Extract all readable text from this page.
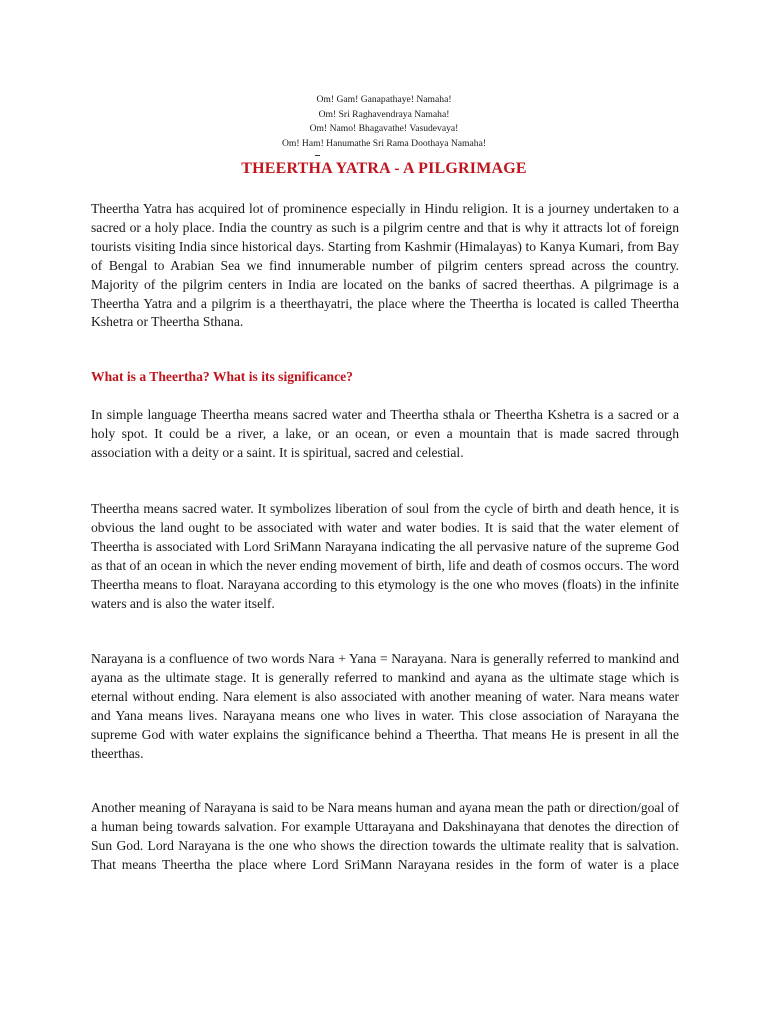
Om! Gam! Ganapathaye! Namaha!
Om! Sri Raghavendraya Namaha!
Om! Namo! Bhagavathe! Vasudevaya!
Om! Ham! Hanumathe Sri Rama Doothaya Namaha!
THEERTHA YATRA - A PILGRIMAGE

Theertha Yatra has acquired lot of prominence especially in Hindu religion. It is a journey undertaken to a sacred or a holy place. India the country as such is a pilgrim centre and that is why it attracts lot of foreign tourists visiting India since historical days. Starting from Kashmir (Himalayas) to Kanya Kumari, from Bay of Bengal to Arabian Sea we find innumerable number of pilgrim centers spread across the country. Majority of the pilgrim centers in India are located on the banks of sacred theerthas. A pilgrimage is a Theertha Yatra and a pilgrim is a theerthayatri, the place where the Theertha is located is called Theertha Kshetra or Theertha Sthana.

What is a Theertha? What is its significance?

In simple language Theertha means sacred water and Theertha sthala or Theertha Kshetra is a sacred or a holy spot. It could be a river, a lake, or an ocean, or even a mountain that is made sacred through association with a deity or a saint. It is spiritual, sacred and celestial.

Theertha means sacred water. It symbolizes liberation of soul from the cycle of birth and death hence, it is obvious the land ought to be associated with water and water bodies. It is said that the water element of Theertha is associated with Lord SriMann Narayana indicating the all pervasive nature of the supreme God as that of an ocean in which the never ending movement of birth, life and death of cosmos occurs. The word Theertha means to float. Narayana according to this etymology is the one who moves (floats) in the infinite waters and is also the water itself.

Narayana is a confluence of two words Nara + Yana = Narayana. Nara is generally referred to mankind and ayana as the ultimate stage. It is generally referred to mankind and ayana as the ultimate stage which is eternal without ending. Nara element is also associated with another meaning of water. Nara means water and Yana means lives. Narayana means one who lives in water. This close association of Narayana the supreme God with water explains the significance behind a Theertha. That means He is present in all the theerthas.

Another meaning of Narayana is said to be Nara means human and ayana mean the path or direction/goal of a human being towards salvation. For example Uttarayana and Dakshinayana that denotes the direction of Sun God. Lord Narayana is the one who shows the direction towards the ultimate reality that is salvation. That means Theertha the place where Lord SriMann Narayana resides in the form of water is a place
